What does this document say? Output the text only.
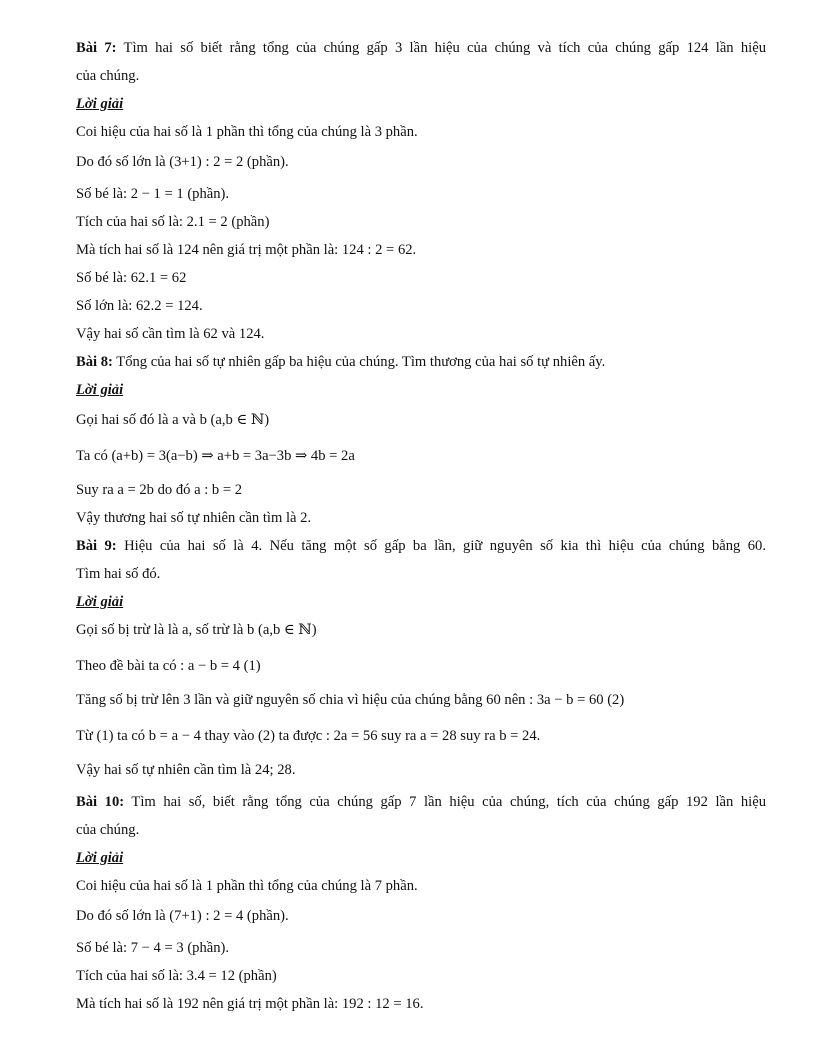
Bài 7: Tìm hai số biết rằng tổng của chúng gấp 3 lần hiệu của chúng và tích của chúng gấp 124 lần hiệu
của chúng.
Lời giải
Coi hiệu của hai số là 1 phần thì tổng của chúng là 3 phần.
Do đó số lớn là (3+1) : 2 = 2 (phần).
Số bé là: 2 − 1 = 1 (phần).
Tích của hai số là: 2.1 = 2 (phần)
Mà tích hai số là 124 nên giá trị một phần là: 124 : 2 = 62.
Số bé là: 62.1 = 62
Số lớn là: 62.2 = 124.
Vậy hai số cần tìm là 62 và 124.
Bài 8: Tổng của hai số tự nhiên gấp ba hiệu của chúng. Tìm thương của hai số tự nhiên ấy.
Lời giải
Gọi hai số đó là a và b (a,b ∈ ℕ)
Ta có (a+b) = 3(a−b) ⇒ a+b = 3a−3b ⇒ 4b = 2a
Suy ra a = 2b do đó a : b = 2
Vậy thương hai số tự nhiên cần tìm là 2.
Bài 9: Hiệu của hai số là 4. Nếu tăng một số gấp ba lần, giữ nguyên số kia thì hiệu của chúng bằng 60.
Tìm hai số đó.
Lời giải
Gọi số bị trừ là là a, số trừ là b (a,b ∈ ℕ)
Theo đề bài ta có : a − b = 4 (1)
Tăng số bị trừ lên 3 lần và giữ nguyên số chia vì hiệu của chúng bằng 60 nên : 3a − b = 60 (2)
Từ (1) ta có b = a − 4 thay vào (2) ta được : 2a = 56 suy ra a = 28 suy ra b = 24.
Vậy hai số tự nhiên cần tìm là 24; 28.
Bài 10: Tìm hai số, biết rằng tổng của chúng gấp 7 lần hiệu của chúng, tích của chúng gấp 192 lần hiệu
của chúng.
Lời giải
Coi hiệu của hai số là 1 phần thì tổng của chúng là 7 phần.
Do đó số lớn là (7+1) : 2 = 4 (phần).
Số bé là: 7 − 4 = 3 (phần).
Tích của hai số là: 3.4 = 12 (phần)
Mà tích hai số là 192 nên giá trị một phần là: 192 : 12 = 16.
